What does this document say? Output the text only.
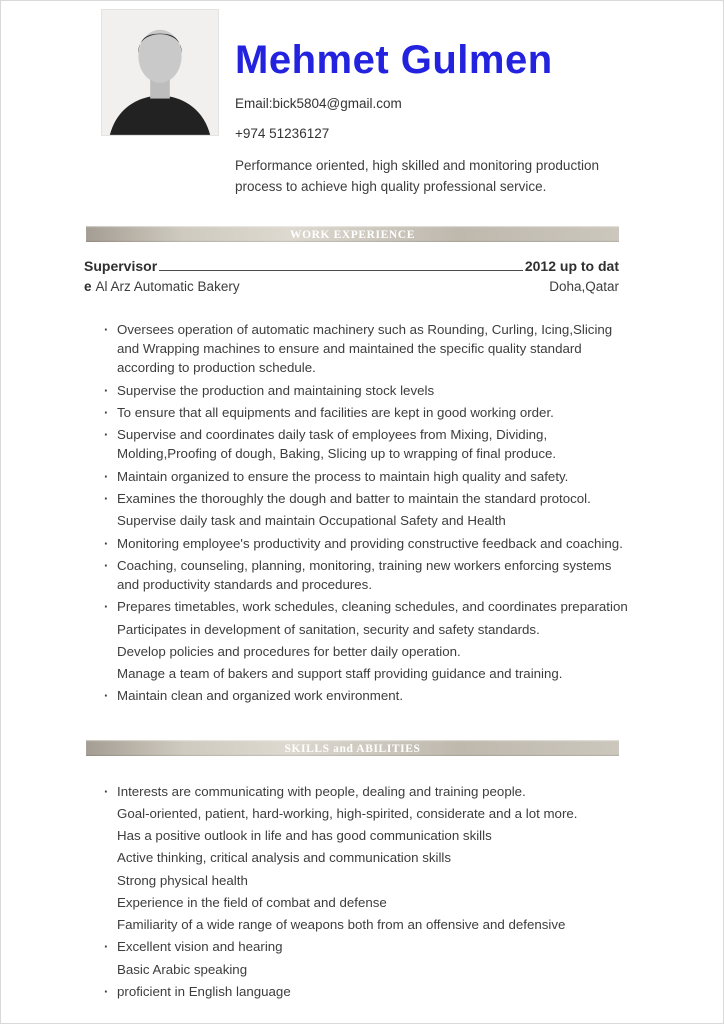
Mehmet Gulmen
Email:bick5804@gmail.com
+974 51236127

Performance oriented, high skilled and monitoring production process to achieve high quality professional service.

WORK EXPERIENCE
Supervisor	2012 up to dat
e Al Arz Automatic Bakery	Doha,Qatar
·
Oversees operation of automatic machinery such as Rounding, Curling, Icing,Slicing and Wrapping machines to ensure and maintained the specific quality standard according to production schedule.
·
Supervise the production and maintaining stock levels
·
To ensure that all equipments and facilities are kept in good working order.
·
Supervise and coordinates daily task of employees from Mixing, Dividing, Molding,Proofing of dough, Baking, Slicing up to wrapping of final produce.
·
Maintain organized to ensure the process to maintain high quality and safety.
·
Examines the thoroughly the dough and batter to maintain the standard protocol.
Supervise daily task and maintain Occupational Safety and Health
·
Monitoring employee's productivity and providing constructive feedback and coaching.
·
Coaching, counseling, planning, monitoring, training new workers enforcing systems and productivity standards and procedures.
·
Prepares timetables, work schedules, cleaning schedules, and coordinates preparation
Participates in development of sanitation, security and safety standards.
Develop policies and procedures for better daily operation.
Manage a team of bakers and support staff providing guidance and training.
·
Maintain clean and organized work environment.
SKILLS and ABILITIES
·
Interests are communicating with people, dealing and training people.
Goal-oriented, patient, hard-working, high-spirited, considerate and a lot more.
Has a positive outlook in life and has good communication skills
Active thinking, critical analysis and communication skills
Strong physical health
Experience in the field of combat and defense
Familiarity of a wide range of weapons both from an offensive and defensive
·
Excellent vision and hearing
Basic Arabic speaking
·
proficient in English language
